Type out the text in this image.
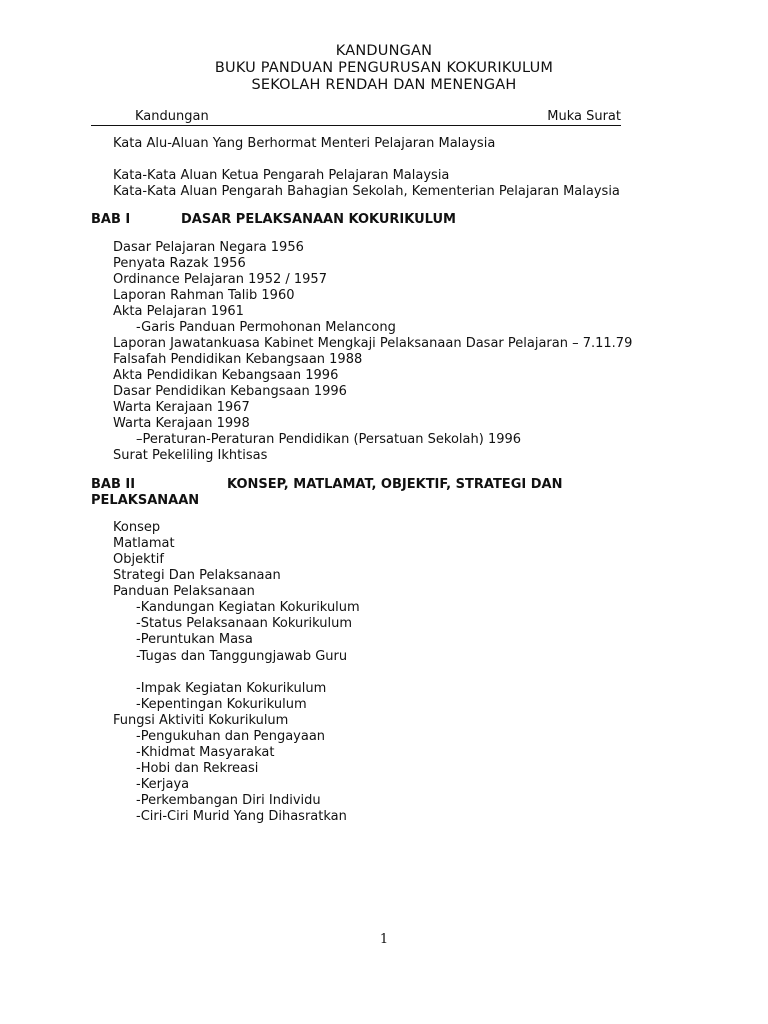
KANDUNGAN
BUKU PANDUAN PENGURUSAN KOKURIKULUM
SEKOLAH RENDAH DAN MENENGAH
Kandungan	Muka Surat
Kata Alu-Aluan Yang Berhormat Menteri Pelajaran Malaysia
Kata-Kata Aluan Ketua Pengarah Pelajaran Malaysia
Kata-Kata Aluan Pengarah Bahagian Sekolah, Kementerian Pelajaran Malaysia
BAB I	DASAR PELAKSANAAN KOKURIKULUM
Dasar Pelajaran Negara 1956
Penyata Razak 1956
Ordinance Pelajaran 1952 / 1957
Laporan Rahman Talib 1960
Akta Pelajaran 1961
-Garis Panduan Permohonan Melancong
Laporan Jawatankuasa Kabinet Mengkaji Pelaksanaan Dasar Pelajaran – 7.11.79
Falsafah Pendidikan Kebangsaan 1988
Akta Pendidikan Kebangsaan 1996
Dasar Pendidikan Kebangsaan 1996
Warta Kerajaan 1967
Warta Kerajaan 1998
–Peraturan-Peraturan Pendidikan (Persatuan Sekolah) 1996
Surat Pekeliling Ikhtisas
BAB II	KONSEP, MATLAMAT, OBJEKTIF, STRATEGI DAN
PELAKSANAAN
Konsep
Matlamat
Objektif
Strategi Dan Pelaksanaan
Panduan Pelaksanaan
-Kandungan Kegiatan Kokurikulum
-Status Pelaksanaan Kokurikulum
-Peruntukan Masa
-Tugas dan Tanggungjawab Guru
-Impak Kegiatan Kokurikulum
-Kepentingan Kokurikulum
Fungsi Aktiviti Kokurikulum
-Pengukuhan dan Pengayaan
-Khidmat Masyarakat
-Hobi dan Rekreasi
-Kerjaya
-Perkembangan Diri Individu
-Ciri-Ciri Murid Yang Dihasratkan
1
